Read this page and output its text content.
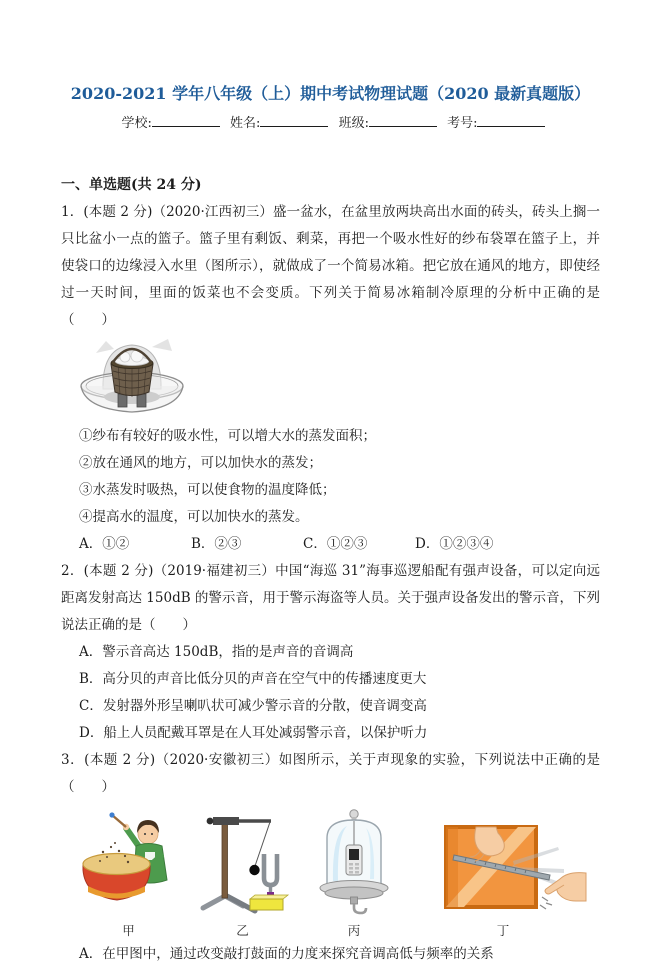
2020-2021 学年八年级（上）期中考试物理试题（2020 最新真题版）
学校:	姓名:	班级:	考号:
一、单选题(共 24 分)

1．(本题 2 分)（2020·江西初三）盛一盆水，在盆里放两块高出水面的砖头，砖头上搁一只比盆小一点的篮子。篮子里有剩饭、剩菜，再把一个吸水性好的纱布袋罩在篮子上，并使袋口的边缘浸入水里（图所示），就做成了一个简易冰箱。把它放在通风的地方，即使经过一天时间，里面的饭菜也不会变质。下列关于简易冰箱制冷原理的分析中正确的是（　　）

①纱布有较好的吸水性，可以增大水的蒸发面积；
②放在通风的地方，可以加快水的蒸发；
③水蒸发时吸热，可以使食物的温度降低；
④提高水的温度，可以加快水的蒸发。
A．①②	B．②③	C．①②③	D．①②③④

2．(本题 2 分)（2019·福建初三）中国“海巡 31”海事巡逻船配有强声设备，可以定向远距离发射高达 150dB 的警示音，用于警示海盗等人员。关于强声设备发出的警示音，下列说法正确的是（　　）

A．警示音高达 150dB，指的是声音的音调高
B．高分贝的声音比低分贝的声音在空气中的传播速度更大
C．发射器外形呈喇叭状可减少警示音的分散，使音调变高
D．船上人员配戴耳罩是在人耳处减弱警示音，以保护听力

3．(本题 2 分)（2020·安徽初三）如图所示，关于声现象的实验，下列说法中正确的是（　　）

甲	乙	丙	丁
A．在甲图中，通过改变敲打鼓面的力度来探究音调高低与频率的关系
